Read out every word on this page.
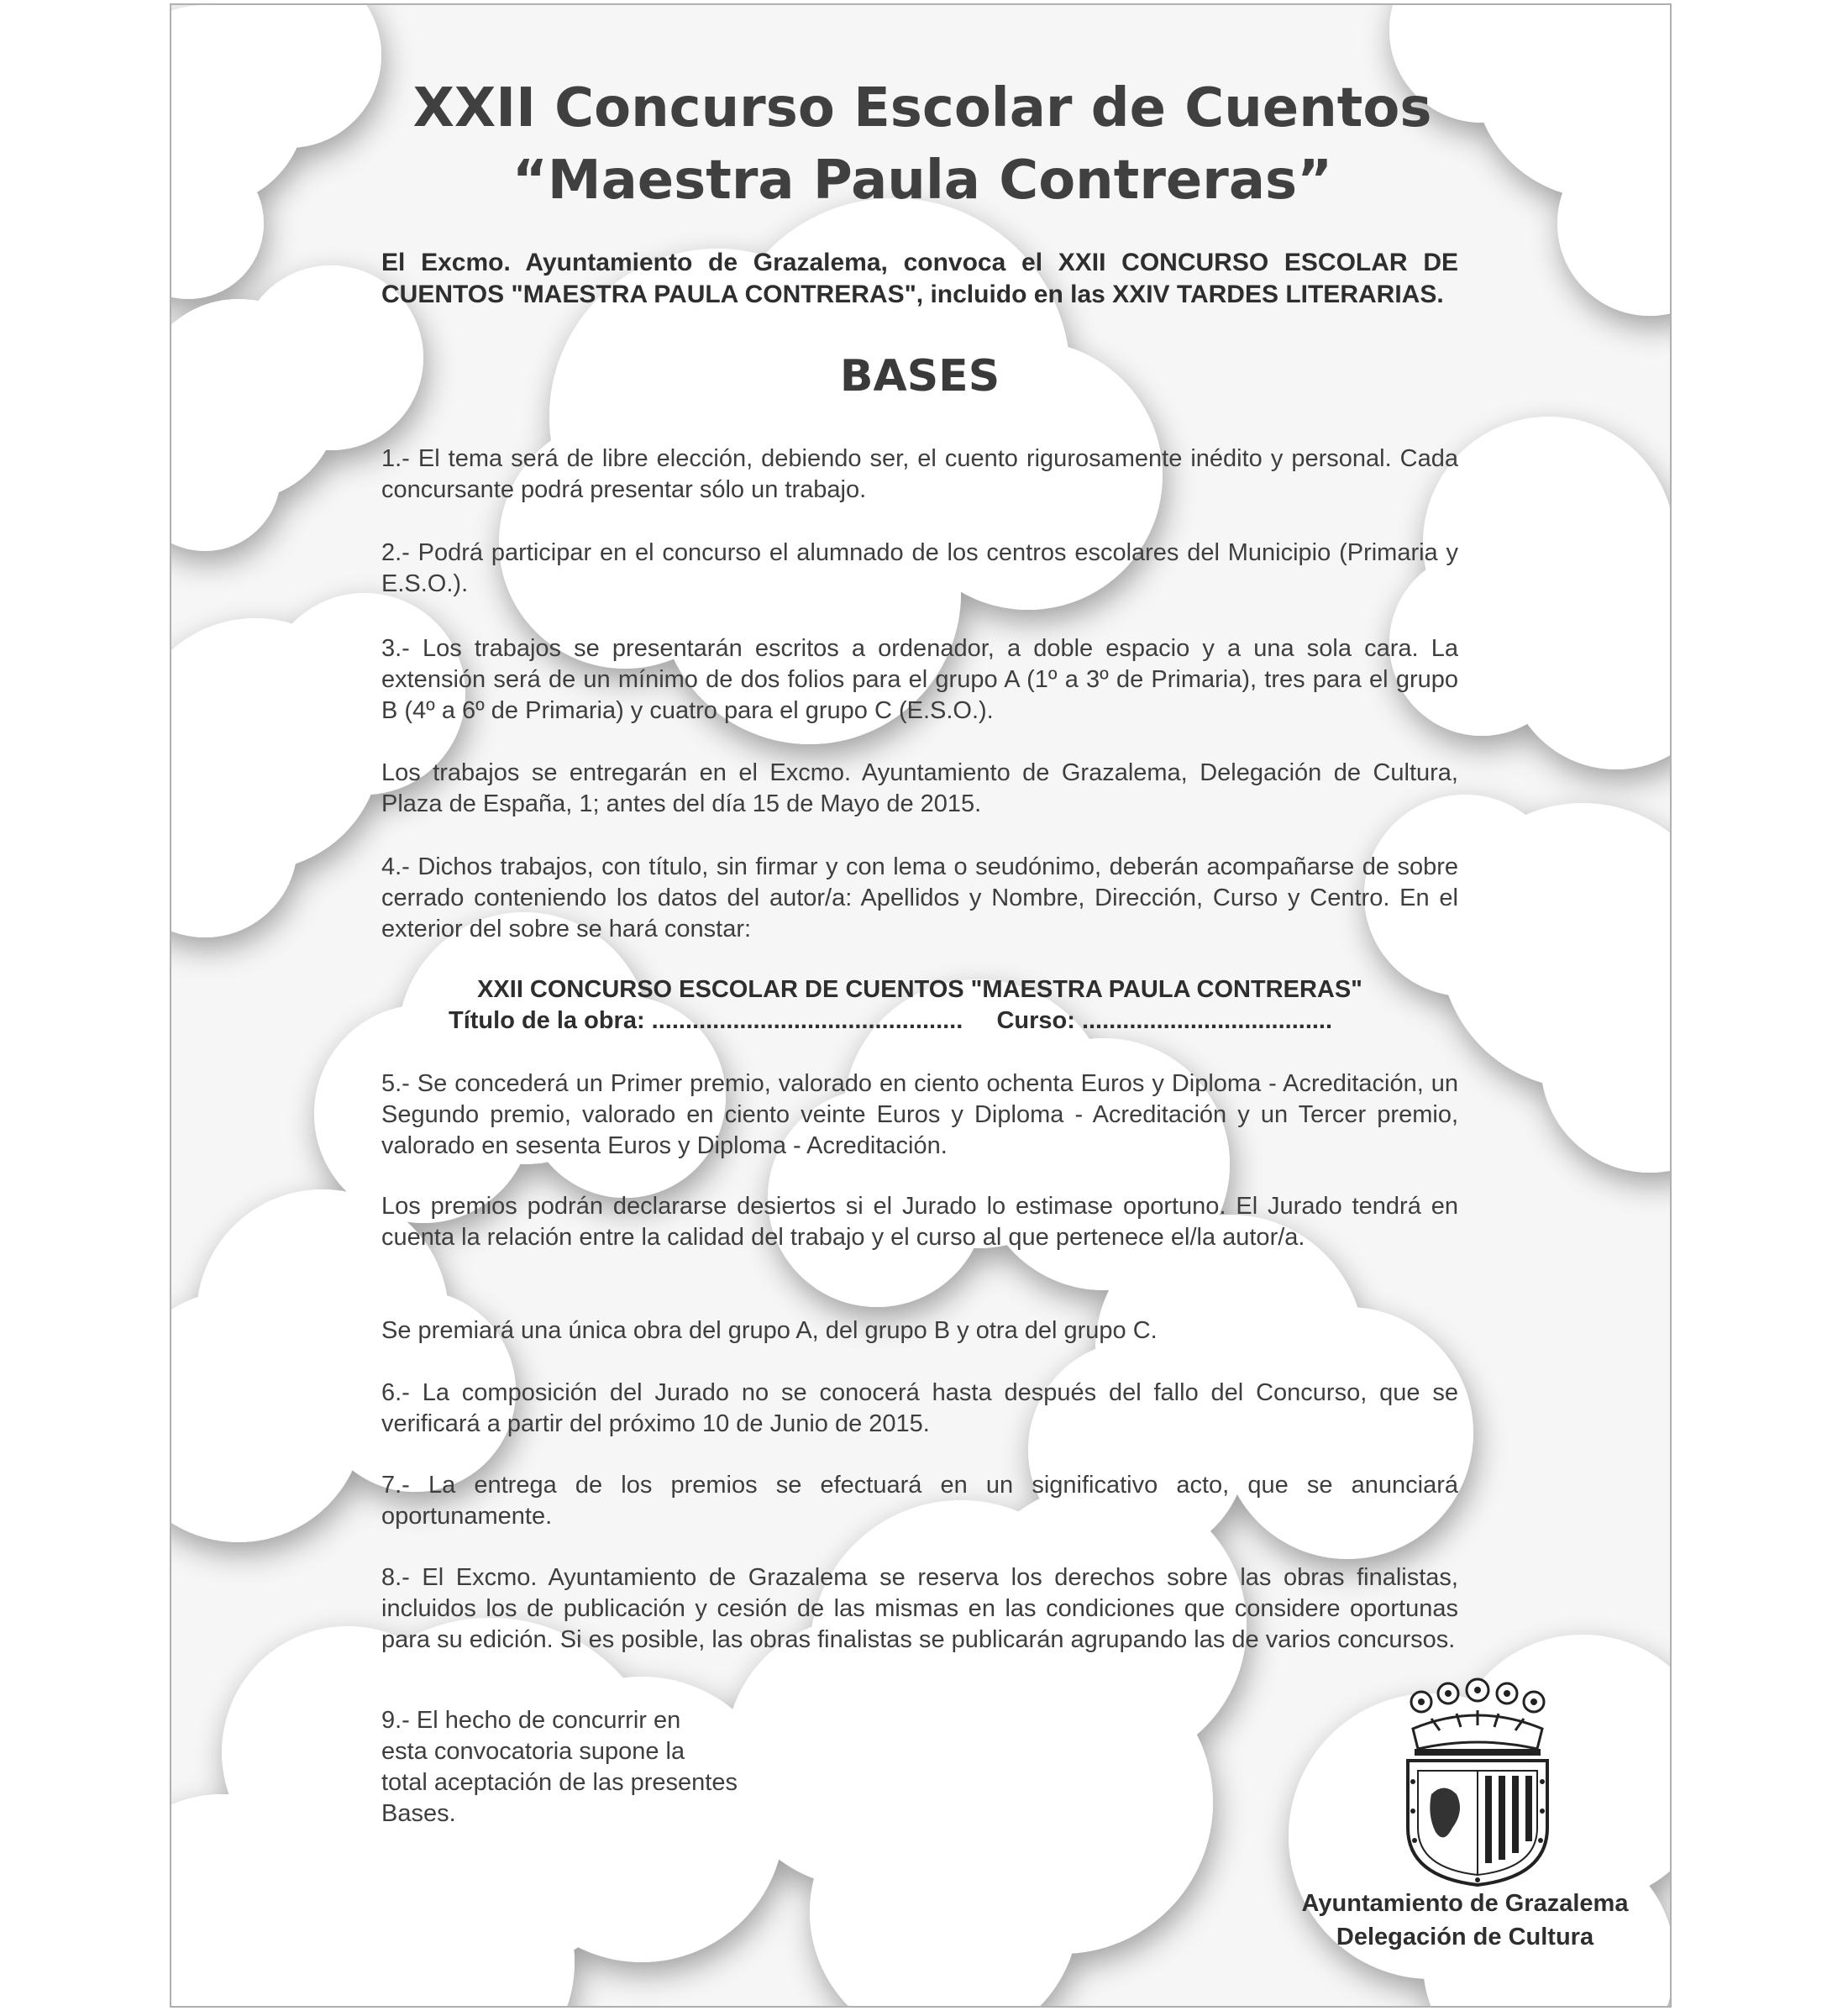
XXII Concurso Escolar de Cuentos
“Maestra Paula Contreras”
El Excmo. Ayuntamiento de Grazalema, convoca el XXII CONCURSO ESCOLAR DE CUENTOS "MAESTRA PAULA CONTRERAS", incluido en las XXIV TARDES LITERARIAS.
1.- El tema será de libre elección, debiendo ser, el cuento rigurosamente inédito y personal. Cada concursante podrá presentar sólo un trabajo.
2.- Podrá participar en el concurso el alumnado de los centros escolares del Municipio (Primaria y E.S.O.).
3.- Los trabajos se presentarán escritos a ordenador, a doble espacio y a una sola cara. La extensión será de un mínimo de dos folios para el grupo A (1º a 3º de Primaria), tres para el grupo B (4º a 6º de Primaria) y cuatro para el grupo C (E.S.O.).
Los trabajos se entregarán en el Excmo. Ayuntamiento de Grazalema, Delegación de Cultura, Plaza de España, 1; antes del día 15 de Mayo de 2015.
4.- Dichos trabajos, con título, sin firmar y con lema o seudónimo, deberán acompañarse de sobre cerrado conteniendo los datos del autor/a: Apellidos y Nombre, Dirección, Curso y Centro. En el exterior del sobre se hará constar:
XXII CONCURSO ESCOLAR DE CUENTOS "MAESTRA PAULA CONTRERAS"
Título de la obra: .............................................. Curso: .....................................
5.- Se concederá un Primer premio, valorado en ciento ochenta Euros y Diploma - Acreditación, un Segundo premio, valorado en ciento veinte Euros y Diploma - Acreditación y un Tercer premio, valorado en sesenta Euros y Diploma - Acreditación.
Los premios podrán declararse desiertos si el Jurado lo estimase oportuno. El Jurado tendrá en cuenta la relación entre la calidad del trabajo y el curso al que pertenece el/la autor/a.
Se premiará una única obra del grupo A, del grupo B y otra del grupo C.
6.- La composición del Jurado no se conocerá hasta después del fallo del Concurso, que se verificará a partir del próximo 10 de Junio de 2015.
7.- La entrega de los premios se efectuará en un significativo acto, que se anunciará oportunamente.
8.- El Excmo. Ayuntamiento de Grazalema se reserva los derechos sobre las obras finalistas, incluidos los de publicación y cesión de las mismas en las condiciones que considere oportunas para su edición. Si es posible, las obras finalistas se publicarán agrupando las de varios concursos.
9.- El hecho de concurrir en
esta convocatoria supone la
total aceptación de las presentes
Bases.
Ayuntamiento de Grazalema
Delegación de Cultura
BASES
